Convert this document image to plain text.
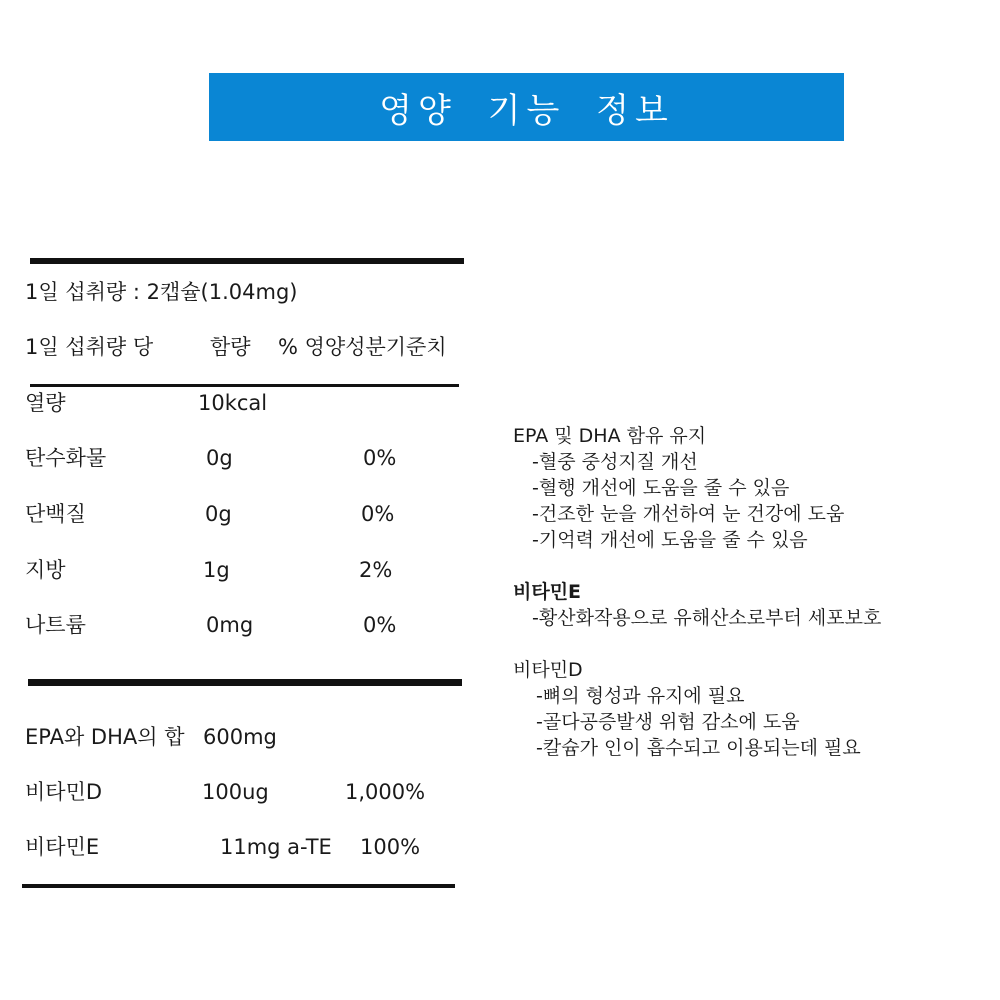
영양 기능 정보
1일 섭취량 : 2캡슐(1.04mg)
1일 섭취량 당	함량 % 영양성분기준치
열량	10kcal
탄수화물	0g	0%
단백질	0g	0%
지방	1g	2%
나트륨	0mg	0%
EPA와 DHA의 합 600mg
비타민D	100ug	1,000%
비타민E	11mg a-TE 100%
EPA 및 DHA 함유 유지
-혈중 중성지질 개선
-혈행 개선에 도움을 줄 수 있음
-건조한 눈을 개선하여 눈 건강에 도움
-기억력 개선에 도움을 줄 수 있음
비타민E
-황산화작용으로 유해산소로부터 세포보호
비타민D
-뼈의 형성과 유지에 필요
-골다공증발생 위험 감소에 도움
-칼슘가 인이 흡수되고 이용되는데 필요
